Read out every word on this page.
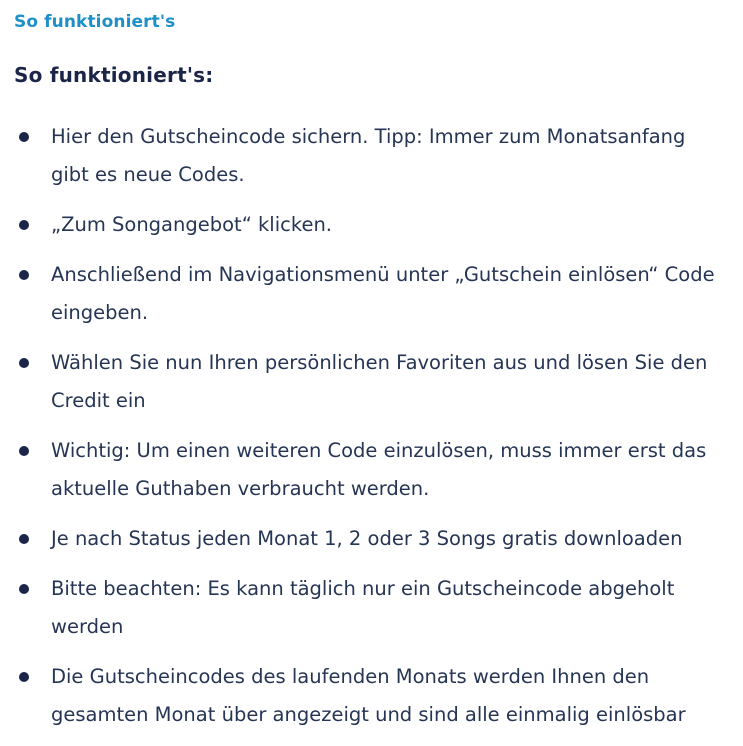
So funktioniert's
So funktioniert's:
Hier den Gutscheincode sichern. Tipp: Immer zum Monatsanfang gibt es neue Codes.
„Zum Songangebot“ klicken.
Anschließend im Navigationsmenü unter „Gutschein einlösen“ Code eingeben.
Wählen Sie nun Ihren persönlichen Favoriten aus und lösen Sie den Credit ein
Wichtig: Um einen weiteren Code einzulösen, muss immer erst das aktuelle Guthaben verbraucht werden.
Je nach Status jeden Monat 1, 2 oder 3 Songs gratis downloaden
Bitte beachten: Es kann täglich nur ein Gutscheincode abgeholt werden
Die Gutscheincodes des laufenden Monats werden Ihnen den gesamten Monat über angezeigt und sind alle einmalig einlösbar
